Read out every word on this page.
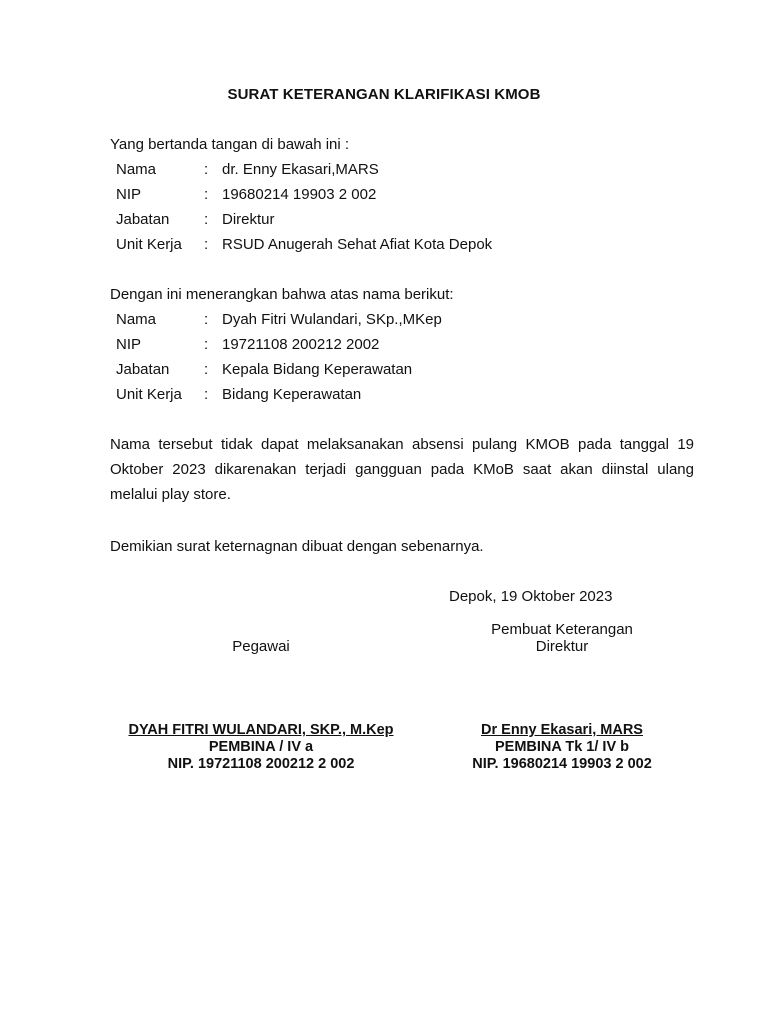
SURAT KETERANGAN KLARIFIKASI KMOB
Yang bertanda tangan di bawah ini :
Nama	: dr. Enny Ekasari,MARS
NIP	: 19680214 19903 2 002
Jabatan : Direktur
Unit Kerja : RSUD Anugerah Sehat Afiat Kota Depok
Dengan ini menerangkan bahwa atas nama berikut:
Nama	: Dyah Fitri Wulandari, SKp.,MKep
NIP	: 19721108 200212 2002
Jabatan : Kepala Bidang Keperawatan
Unit Kerja : Bidang Keperawatan
Nama tersebut tidak dapat melaksanakan absensi pulang KMOB pada tanggal 19 Oktober 2023 dikarenakan terjadi gangguan pada KMoB saat akan diinstal ulang melalui play store.
Demikian surat keternagnan dibuat dengan sebenarnya.
Depok, 19 Oktober 2023
Pegawai
DYAH FITRI WULANDARI, SKP., M.Kep
PEMBINA / IV a
NIP. 19721108 200212 2 002
Pembuat Keterangan
Direktur
Dr Enny Ekasari, MARS
PEMBINA Tk 1/ IV b
NIP. 19680214 19903 2 002
